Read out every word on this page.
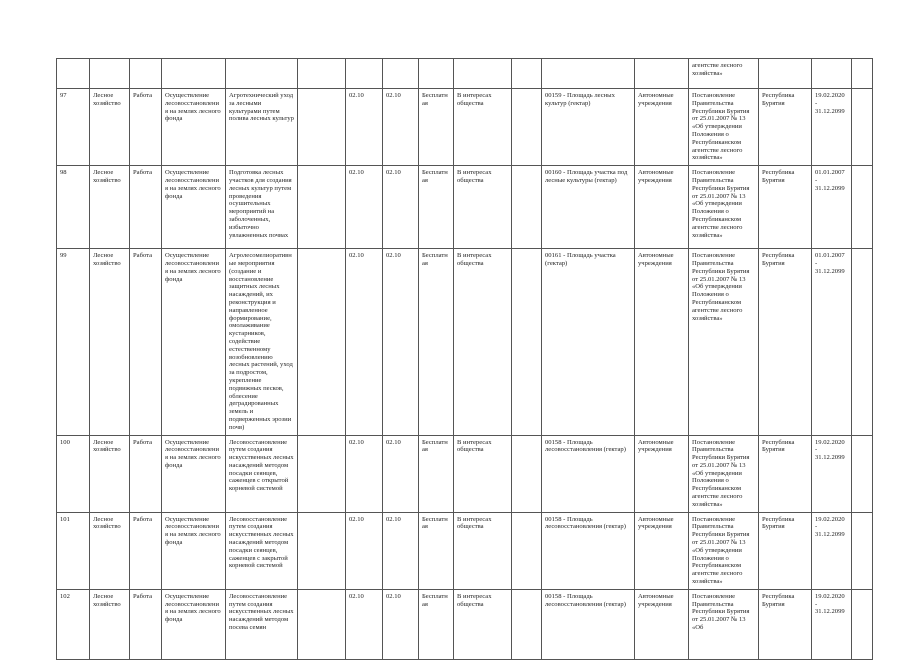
													агентстве лесного хозяйства»			
97	Лесное хозяйство	Работа	Осуществление лесовосстановления на землях лесного фонда	Агротехнический уход за лесными культурами путем полива лесных культур		02.10	02.10	Бесплатная	В интересах общества		00159 - Площадь лесных культур (гектар)	Автономные учреждения	Постановление Правительства Республики Бурятия от 25.01.2007 № 13 «Об утверждении Положения о Республиканском агентстве лесного хозяйства»	Республика Бурятия	19.02.2020 - 31.12.2099	
98	Лесное хозяйство	Работа	Осуществление лесовосстановления на землях лесного фонда	Подготовка лесных участков для создания лесных культур путем проведения осушительных мероприятий на заболоченных, избыточно увлажненных почвах		02.10	02.10	Бесплатная	В интересах общества		00160 - Площадь участка под лесные культуры (гектар)	Автономные учреждения	Постановление Правительства Республики Бурятия от 25.01.2007 № 13 «Об утверждении Положения о Республиканском агентстве лесного хозяйства»	Республика Бурятия	01.01.2007 - 31.12.2099	
99	Лесное хозяйство	Работа	Осуществление лесовосстановления на землях лесного фонда	Агролесомелиоративные мероприятия (создание и восстановление защитных лесных насаждений, их реконструкция и направленное формирование, омолаживание кустарников, содействие естественному возобновлению лесных растений, уход за подростом, укрепление подвижных песков, облесение деградированных земель и подверженных эрозии почв)		02.10	02.10	Бесплатная	В интересах общества		00161 - Площадь участка (гектар)	Автономные учреждения	Постановление Правительства Республики Бурятия от 25.01.2007 № 13 «Об утверждении Положения о Республиканском агентстве лесного хозяйства»	Республика Бурятия	01.01.2007 - 31.12.2099	
100	Лесное хозяйство	Работа	Осуществление лесовосстановления на землях лесного фонда	Лесовосстановление путем создания искусственных лесных насаждений методом посадки сеянцев, саженцев с открытой корневой системой		02.10	02.10	Бесплатная	В интересах общества		00158 - Площадь лесовосстановления (гектар)	Автономные учреждения	Постановление Правительства Республики Бурятия от 25.01.2007 № 13 «Об утверждении Положения о Республиканском агентстве лесного хозяйства»	Республика Бурятия	19.02.2020 - 31.12.2099	
101	Лесное хозяйство	Работа	Осуществление лесовосстановления на землях лесного фонда	Лесовосстановление путем создания искусственных лесных насаждений методом посадки сеянцев, саженцев с закрытой корневой системой		02.10	02.10	Бесплатная	В интересах общества		00158 - Площадь лесовосстановления (гектар)	Автономные учреждения	Постановление Правительства Республики Бурятия от 25.01.2007 № 13 «Об утверждении Положения о Республиканском агентстве лесного хозяйства»	Республика Бурятия	19.02.2020 - 31.12.2099	
102	Лесное хозяйство	Работа	Осуществление лесовосстановления на землях лесного фонда	Лесовосстановление путем создания искусственных лесных насаждений методом посева семян		02.10	02.10	Бесплатная	В интересах общества		00158 - Площадь лесовосстановления (гектар)	Автономные учреждения	Постановление Правительства Республики Бурятия от 25.01.2007 № 13 «Об	Республика Бурятия	19.02.2020 - 31.12.2099	
